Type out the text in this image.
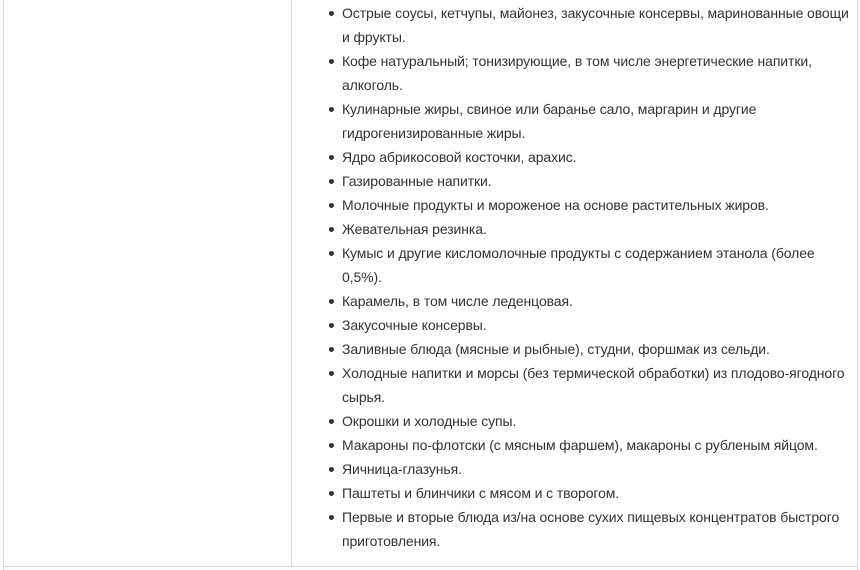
Острые соусы, кетчупы, майонез, закусочные консервы, маринованные овощи и фрукты.
Кофе натуральный; тонизирующие, в том числе энергетические напитки, алкоголь.
Кулинарные жиры, свиное или баранье сало, маргарин и другие гидрогенизированные жиры.
Ядро абрикосовой косточки, арахис.
Газированные напитки.
Молочные продукты и мороженое на основе растительных жиров.
Жевательная резинка.
Кумыс и другие кисломолочные продукты с содержанием этанола (более 0,5%).
Карамель, в том числе леденцовая.
Закусочные консервы.
Заливные блюда (мясные и рыбные), студни, форшмак из сельди.
Холодные напитки и морсы (без термической обработки) из плодово-ягодного сырья.
Окрошки и холодные супы.
Макароны по-флотски (с мясным фаршем), макароны с рубленым яйцом.
Яичница-глазунья.
Паштеты и блинчики с мясом и с творогом.
Первые и вторые блюда из/на основе сухих пищевых концентратов быстрого приготовления.
